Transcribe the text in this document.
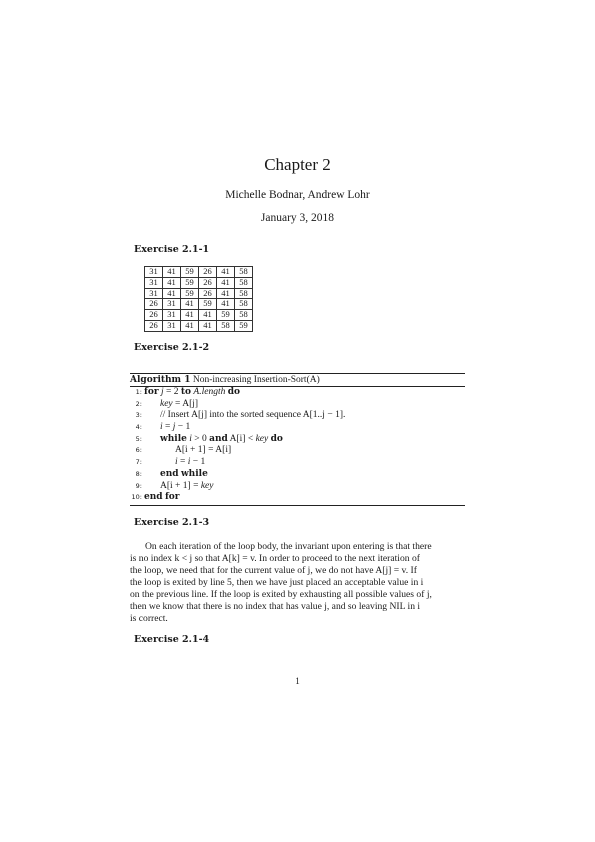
Chapter 2
Michelle Bodnar, Andrew Lohr
January 3, 2018
Exercise 2.1-1
31	41	59	26	41	58
31	41	59	26	41	58
31	41	59	26	41	58
26	31	41	59	41	58
26	31	41	41	59	58
26	31	41	41	58	59
Exercise 2.1-2
Algorithm 1 Non-increasing Insertion-Sort(A)
1: for j = 2 to A.length do
2: key = A[j]
3: // Insert A[j] into the sorted sequence A[1..j − 1].
4: i = j − 1
5: while i > 0 and A[i] < key do
6:	A[i + 1] = A[i]
7:	i = i − 1
8: end while
9: A[i + 1] = key
10: end for
Exercise 2.1-3
On each iteration of the loop body, the invariant upon entering is that there
is no index k < j so that A[k] = v. In order to proceed to the next iteration of
the loop, we need that for the current value of j, we do not have A[j] = v. If
the loop is exited by line 5, then we have just placed an acceptable value in i
on the previous line. If the loop is exited by exhausting all possible values of j,
then we know that there is no index that has value j, and so leaving NIL in i
is correct.
Exercise 2.1-4
1
